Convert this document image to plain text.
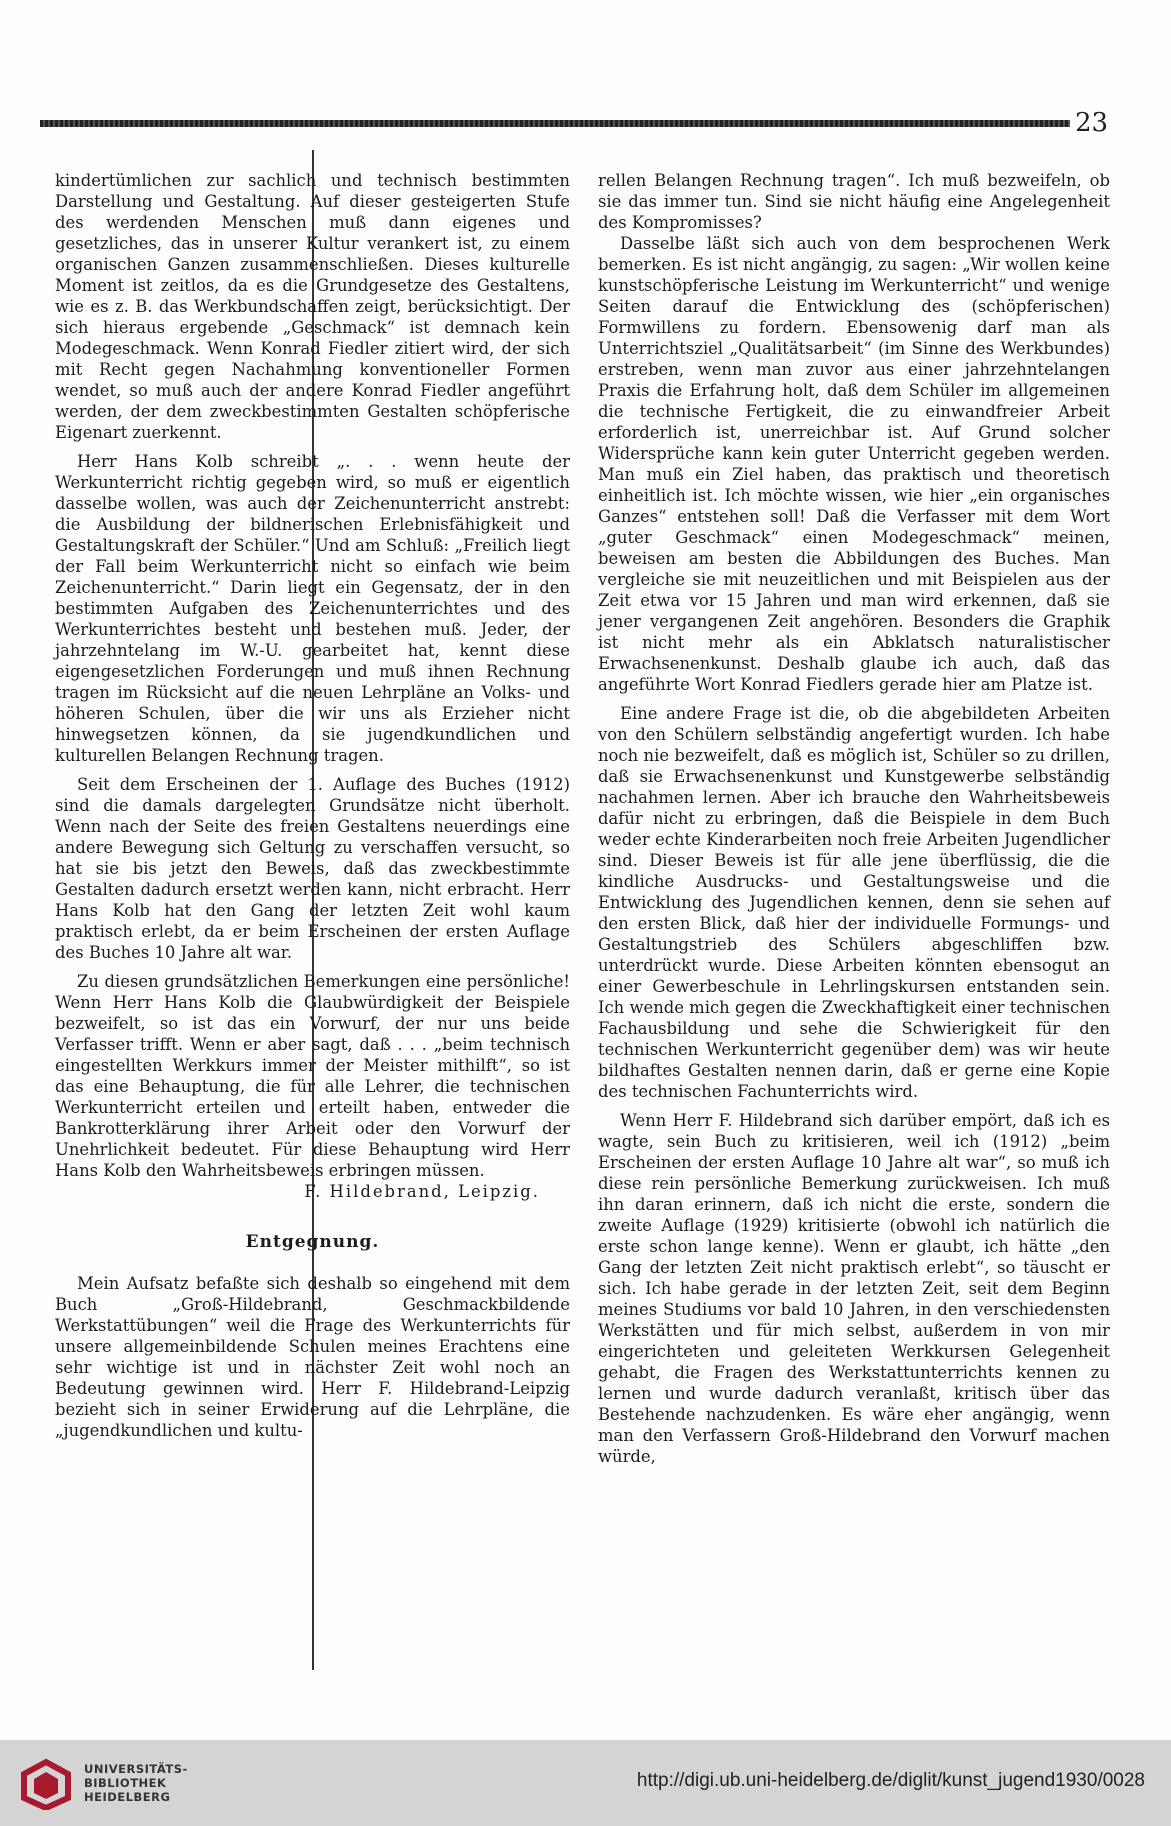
23

kindertümlichen zur sachlich und technisch bestimmten Darstellung und Gestaltung. Auf dieser gesteigerten Stufe des werdenden Menschen muß dann eigenes und gesetzliches, das in unserer Kultur verankert ist, zu einem organischen Ganzen zusammenschließen. Dieses kulturelle Moment ist zeitlos, da es die Grundgesetze des Gestaltens, wie es z. B. das Werkbundschaffen zeigt, berücksichtigt. Der sich hieraus ergebende „Geschmack“ ist demnach kein Modegeschmack. Wenn Konrad Fiedler zitiert wird, der sich mit Recht gegen Nachahmung konventioneller Formen wendet, so muß auch der andere Konrad Fiedler angeführt werden, der dem zweckbestimmten Gestalten schöpferische Eigenart zuerkennt.

Herr Hans Kolb schreibt „. . . wenn heute der Werkunterricht richtig gegeben wird, so muß er eigentlich dasselbe wollen, was auch der Zeichenunterricht anstrebt: die Ausbildung der bildnerischen Erlebnisfähigkeit und Gestaltungskraft der Schüler.“ Und am Schluß: „Freilich liegt der Fall beim Werkunterricht nicht so einfach wie beim Zeichenunterricht.“ Darin liegt ein Gegensatz, der in den bestimmten Aufgaben des Zeichenunterrichtes und des Werkunterrichtes besteht und bestehen muß. Jeder, der jahrzehntelang im W.-U. gearbeitet hat, kennt diese eigengesetzlichen Forderungen und muß ihnen Rechnung tragen im Rücksicht auf die neuen Lehrpläne an Volks- und höheren Schulen, über die wir uns als Erzieher nicht hinwegsetzen können, da sie jugendkundlichen und kulturellen Belangen Rechnung tragen.

Seit dem Erscheinen der 1. Auflage des Buches (1912) sind die damals dargelegten Grundsätze nicht überholt. Wenn nach der Seite des freien Gestaltens neuerdings eine andere Bewegung sich Geltung zu verschaffen versucht, so hat sie bis jetzt den Beweis, daß das zweckbestimmte Gestalten dadurch ersetzt werden kann, nicht erbracht. Herr Hans Kolb hat den Gang der letzten Zeit wohl kaum praktisch erlebt, da er beim Erscheinen der ersten Auflage des Buches 10 Jahre alt war.

Zu diesen grundsätzlichen Bemerkungen eine persönliche! Wenn Herr Hans Kolb die Glaubwürdigkeit der Beispiele bezweifelt, so ist das ein Vorwurf, der nur uns beide Verfasser trifft. Wenn er aber sagt, daß . . . „beim technisch eingestellten Werkkurs immer der Meister mithilft“, so ist das eine Behauptung, die für alle Lehrer, die technischen Werkunterricht erteilen und erteilt haben, entweder die Bankrotterklärung ihrer Arbeit oder den Vorwurf der Unehrlichkeit bedeutet. Für diese Behauptung wird Herr Hans Kolb den Wahrheitsbeweis erbringen müssen.

F. Hildebrand, Leipzig.

Entgegnung.

Mein Aufsatz befaßte sich deshalb so eingehend mit dem Buch „Groß-Hildebrand, Geschmackbildende Werkstattübungen“ weil die Frage des Werkunterrichts für unsere allgemeinbildende Schulen meines Erachtens eine sehr wichtige ist und in nächster Zeit wohl noch an Bedeutung gewinnen wird. Herr F. Hildebrand-Leipzig bezieht sich in seiner Erwiderung auf die Lehrpläne, die „jugendkundlichen und kultu-

rellen Belangen Rechnung tragen“. Ich muß bezweifeln, ob sie das immer tun. Sind sie nicht häufig eine Angelegenheit des Kompromisses?

Dasselbe läßt sich auch von dem besprochenen Werk bemerken. Es ist nicht angängig, zu sagen: „Wir wollen keine kunstschöpferische Leistung im Werkunterricht“ und wenige Seiten darauf die Entwicklung des (schöpferischen) Formwillens zu fordern. Ebensowenig darf man als Unterrichtsziel „Qualitätsarbeit“ (im Sinne des Werkbundes) erstreben, wenn man zuvor aus einer jahrzehntelangen Praxis die Erfahrung holt, daß dem Schüler im allgemeinen die technische Fertigkeit, die zu einwandfreier Arbeit erforderlich ist, unerreichbar ist. Auf Grund solcher Widersprüche kann kein guter Unterricht gegeben werden. Man muß ein Ziel haben, das praktisch und theoretisch einheitlich ist. Ich möchte wissen, wie hier „ein organisches Ganzes“ entstehen soll! Daß die Verfasser mit dem Wort „guter Geschmack“ einen Modegeschmack“ meinen, beweisen am besten die Abbildungen des Buches. Man vergleiche sie mit neuzeitlichen und mit Beispielen aus der Zeit etwa vor 15 Jahren und man wird erkennen, daß sie jener vergangenen Zeit angehören. Besonders die Graphik ist nicht mehr als ein Abklatsch naturalistischer Erwachsenenkunst. Deshalb glaube ich auch, daß das angeführte Wort Konrad Fiedlers gerade hier am Platze ist.

Eine andere Frage ist die, ob die abgebildeten Arbeiten von den Schülern selbständig angefertigt wurden. Ich habe noch nie bezweifelt, daß es möglich ist, Schüler so zu drillen, daß sie Erwachsenenkunst und Kunstgewerbe selbständig nachahmen lernen. Aber ich brauche den Wahrheitsbeweis dafür nicht zu erbringen, daß die Beispiele in dem Buch weder echte Kinderarbeiten noch freie Arbeiten Jugendlicher sind. Dieser Beweis ist für alle jene überflüssig, die die kindliche Ausdrucks- und Gestaltungsweise und die Entwicklung des Jugendlichen kennen, denn sie sehen auf den ersten Blick, daß hier der individuelle Formungs- und Gestaltungstrieb des Schülers abgeschliffen bzw. unterdrückt wurde. Diese Arbeiten könnten ebensogut an einer Gewerbeschule in Lehrlingskursen entstanden sein. Ich wende mich gegen die Zweckhaftigkeit einer technischen Fachausbildung und sehe die Schwierigkeit für den technischen Werkunterricht gegenüber dem) was wir heute bildhaftes Gestalten nennen darin, daß er gerne eine Kopie des technischen Fachunterrichts wird.

Wenn Herr F. Hildebrand sich darüber empört, daß ich es wagte, sein Buch zu kritisieren, weil ich (1912) „beim Erscheinen der ersten Auflage 10 Jahre alt war“, so muß ich diese rein persönliche Bemerkung zurückweisen. Ich muß ihn daran erinnern, daß ich nicht die erste, sondern die zweite Auflage (1929) kritisierte (obwohl ich natürlich die erste schon lange kenne). Wenn er glaubt, ich hätte „den Gang der letzten Zeit nicht praktisch erlebt“, so täuscht er sich. Ich habe gerade in der letzten Zeit, seit dem Beginn meines Studiums vor bald 10 Jahren, in den verschiedensten Werkstätten und für mich selbst, außerdem in von mir eingerichteten und geleiteten Werkkursen Gelegenheit gehabt, die Fragen des Werkstattunterrichts kennen zu lernen und wurde dadurch veranlaßt, kritisch über das Bestehende nachzudenken. Es wäre eher angängig, wenn man den Verfassern Groß-Hildebrand den Vorwurf machen würde,

UNIVERSITÄTS-
BIBLIOTHEK
HEIDELBERG
http://digi.ub.uni-heidelberg.de/diglit/kunst_jugend1930/0028
